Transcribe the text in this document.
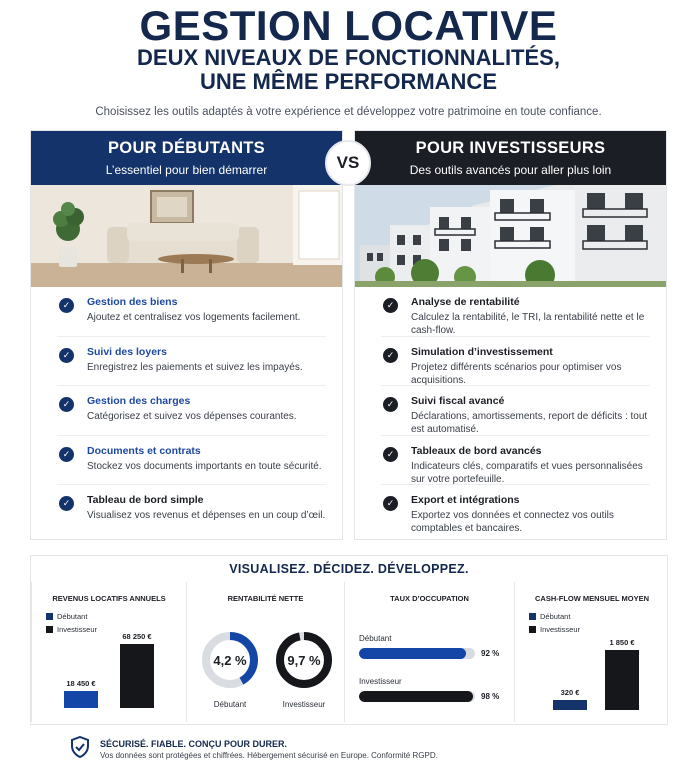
GESTION LOCATIVE
DEUX NIVEAUX DE FONCTIONNALITÉS,
UNE MÊME PERFORMANCE
Choisissez les outils adaptés à votre expérience et développez votre patrimoine en toute confiance.
POUR DÉBUTANTS
L’essentiel pour bien démarrer
✓	Gestion des biens
Ajoutez et centralisez vos logements facilement.
✓	Suivi des loyers
Enregistrez les paiements et suivez les impayés.
✓	Gestion des charges
Catégorisez et suivez vos dépenses courantes.
✓	Documents et contrats
Stockez vos documents importants en toute sécurité.
✓	Tableau de bord simple
Visualisez vos revenus et dépenses en un coup d’œil.
POUR INVESTISSEURS
Des outils avancés pour aller plus loin
✓	Analyse de rentabilité
Calculez la rentabilité, le TRI, la rentabilité nette et le cash-flow.
✓	Simulation d’investissement
Projetez différents scénarios pour optimiser vos acquisitions.
✓	Suivi fiscal avancé
Déclarations, amortissements, report de déficits : tout est automatisé.
✓	Tableaux de bord avancés
Indicateurs clés, comparatifs et vues personnalisées sur votre portefeuille.
✓	Export et intégrations
Exportez vos données et connectez vos outils comptables et bancaires.
VS
VISUALISEZ. DÉCIDEZ. DÉVELOPPEZ.
REVENUS LOCATIFS ANNUELS
Débutant
Investisseur
18 450 €
68 250 €
RENTABILITÉ NETTE
4,2 %	9,7 %
Débutant	Investisseur
TAUX D’OCCUPATION
Débutant
92 %
Investisseur
98 %
CASH-FLOW MENSUEL MOYEN
Débutant
Investisseur
320 €
1 850 €
SÉCURISÉ. FIABLE. CONÇU POUR DURER.
Vos données sont protégées et chiffrées. Hébergement sécurisé en Europe. Conformité RGPD.
